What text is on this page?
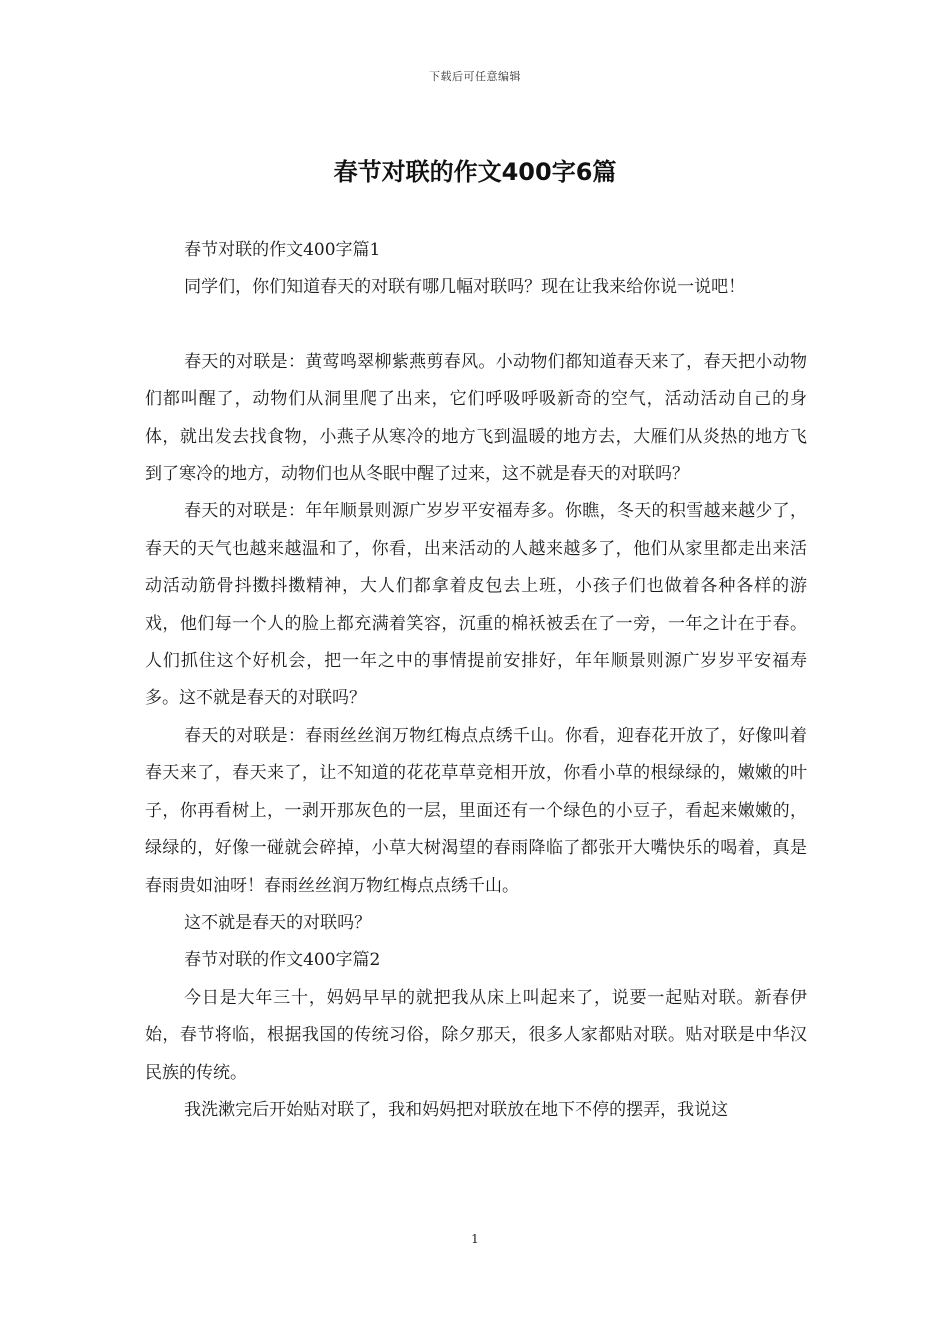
下载后可任意编辑
春节对联的作文400字6篇

春节对联的作文400字篇1

同学们，你们知道春天的对联有哪几幅对联吗？现在让我来给你说一说吧！

春天的对联是：黄莺鸣翠柳紫燕剪春风。小动物们都知道春天来了，春天把小动物们都叫醒了，动物们从洞里爬了出来，它们呼吸呼吸新奇的空气，活动活动自己的身体，就出发去找食物，小燕子从寒冷的地方飞到温暖的地方去，大雁们从炎热的地方飞到了寒冷的地方，动物们也从冬眠中醒了过来，这不就是春天的对联吗？

春天的对联是：年年顺景则源广岁岁平安福寿多。你瞧，冬天的积雪越来越少了，春天的天气也越来越温和了，你看，出来活动的人越来越多了，他们从家里都走出来活动活动筋骨抖擞抖擞精神，大人们都拿着皮包去上班，小孩子们也做着各种各样的游戏，他们每一个人的脸上都充满着笑容，沉重的棉袄被丢在了一旁，一年之计在于春。人们抓住这个好机会，把一年之中的事情提前安排好，年年顺景则源广岁岁平安福寿多。这不就是春天的对联吗？

春天的对联是：春雨丝丝润万物红梅点点绣千山。你看，迎春花开放了，好像叫着春天来了，春天来了，让不知道的花花草草竞相开放，你看小草的根绿绿的，嫩嫩的叶子，你再看树上，一剥开那灰色的一层，里面还有一个绿色的小豆子，看起来嫩嫩的，绿绿的，好像一碰就会碎掉，小草大树渴望的春雨降临了都张开大嘴快乐的喝着，真是春雨贵如油呀！春雨丝丝润万物红梅点点绣千山。

这不就是春天的对联吗？

春节对联的作文400字篇2

今日是大年三十，妈妈早早的就把我从床上叫起来了，说要一起贴对联。新春伊始，春节将临，根据我国的传统习俗，除夕那天，很多人家都贴对联。贴对联是中华汉民族的传统。

我洗漱完后开始贴对联了，我和妈妈把对联放在地下不停的摆弄，我说这

1
